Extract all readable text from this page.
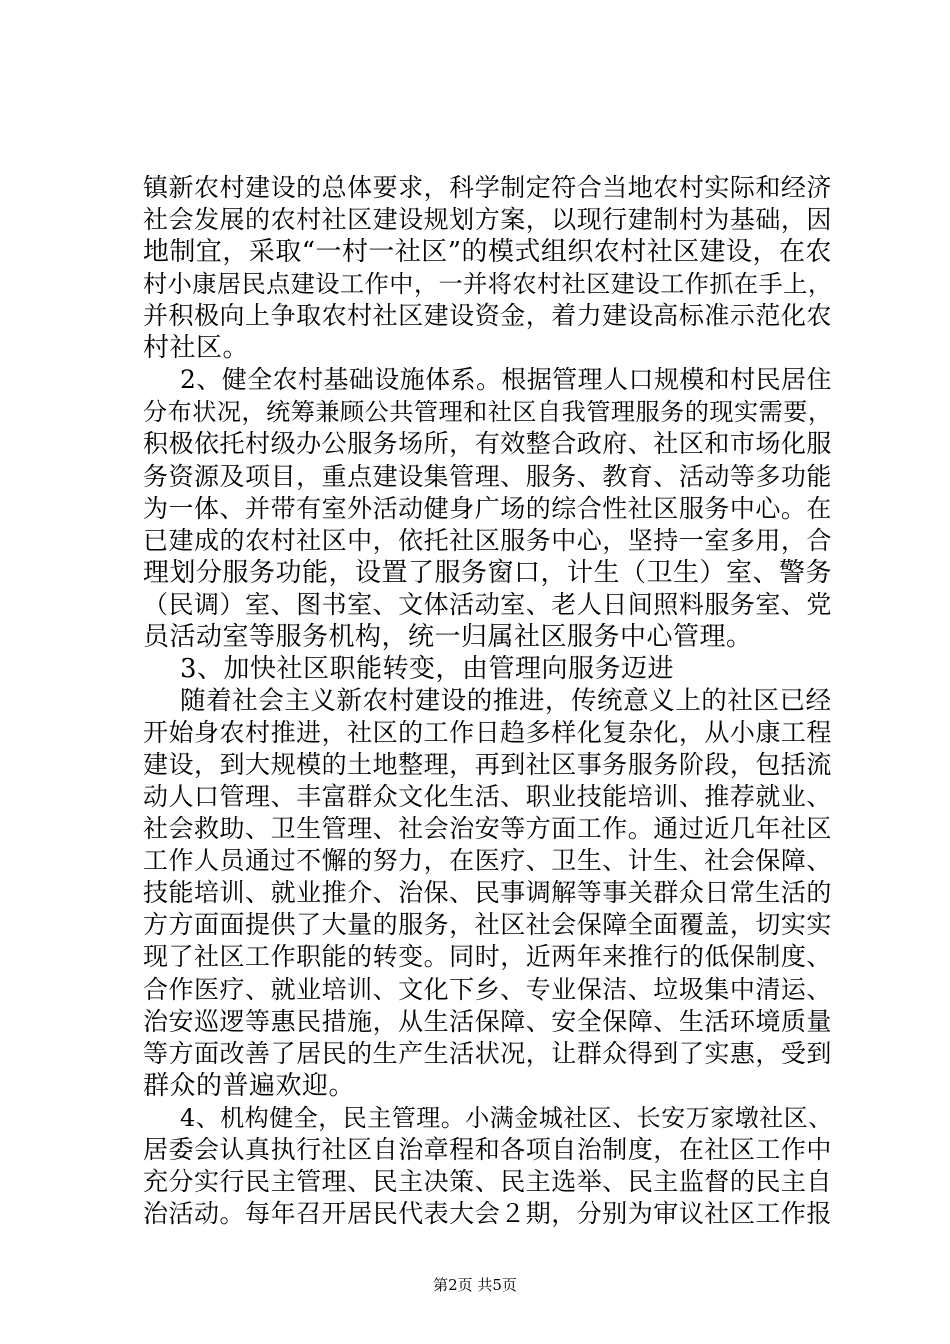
镇新农村建设的总体要求，科学制定符合当地农村实际和经济
社会发展的农村社区建设规划方案，以现行建制村为基础，因
地制宜，采取“一村一社区”的模式组织农村社区建设，在农
村小康居民点建设工作中，一并将农村社区建设工作抓在手上，
并积极向上争取农村社区建设资金，着力建设高标准示范化农
村社区。
2、健全农村基础设施体系。根据管理人口规模和村民居住
分布状况，统筹兼顾公共管理和社区自我管理服务的现实需要，
积极依托村级办公服务场所，有效整合政府、社区和市场化服
务资源及项目，重点建设集管理、服务、教育、活动等多功能
为一体、并带有室外活动健身广场的综合性社区服务中心。在
已建成的农村社区中，依托社区服务中心，坚持一室多用，合
理划分服务功能，设置了服务窗口，计生（卫生）室、警务
（民调）室、图书室、文体活动室、老人日间照料服务室、党
员活动室等服务机构，统一归属社区服务中心管理。
3、加快社区职能转变，由管理向服务迈进
随着社会主义新农村建设的推进，传统意义上的社区已经
开始身农村推进，社区的工作日趋多样化复杂化，从小康工程
建设，到大规模的土地整理，再到社区事务服务阶段，包括流
动人口管理、丰富群众文化生活、职业技能培训、推荐就业、
社会救助、卫生管理、社会治安等方面工作。通过近几年社区
工作人员通过不懈的努力，在医疗、卫生、计生、社会保障、
技能培训、就业推介、治保、民事调解等事关群众日常生活的
方方面面提供了大量的服务，社区社会保障全面覆盖，切实实
现了社区工作职能的转变。同时，近两年来推行的低保制度、
合作医疗、就业培训、文化下乡、专业保洁、垃圾集中清运、
治安巡逻等惠民措施，从生活保障、安全保障、生活环境质量
等方面改善了居民的生产生活状况，让群众得到了实惠，受到
群众的普遍欢迎。
4、机构健全，民主管理。小满金城社区、长安万家墩社区、
居委会认真执行社区自治章程和各项自治制度，在社区工作中
充分实行民主管理、民主决策、民主选举、民主监督的民主自
治活动。每年召开居民代表大会２期，分别为审议社区工作报
第2页 共5页
